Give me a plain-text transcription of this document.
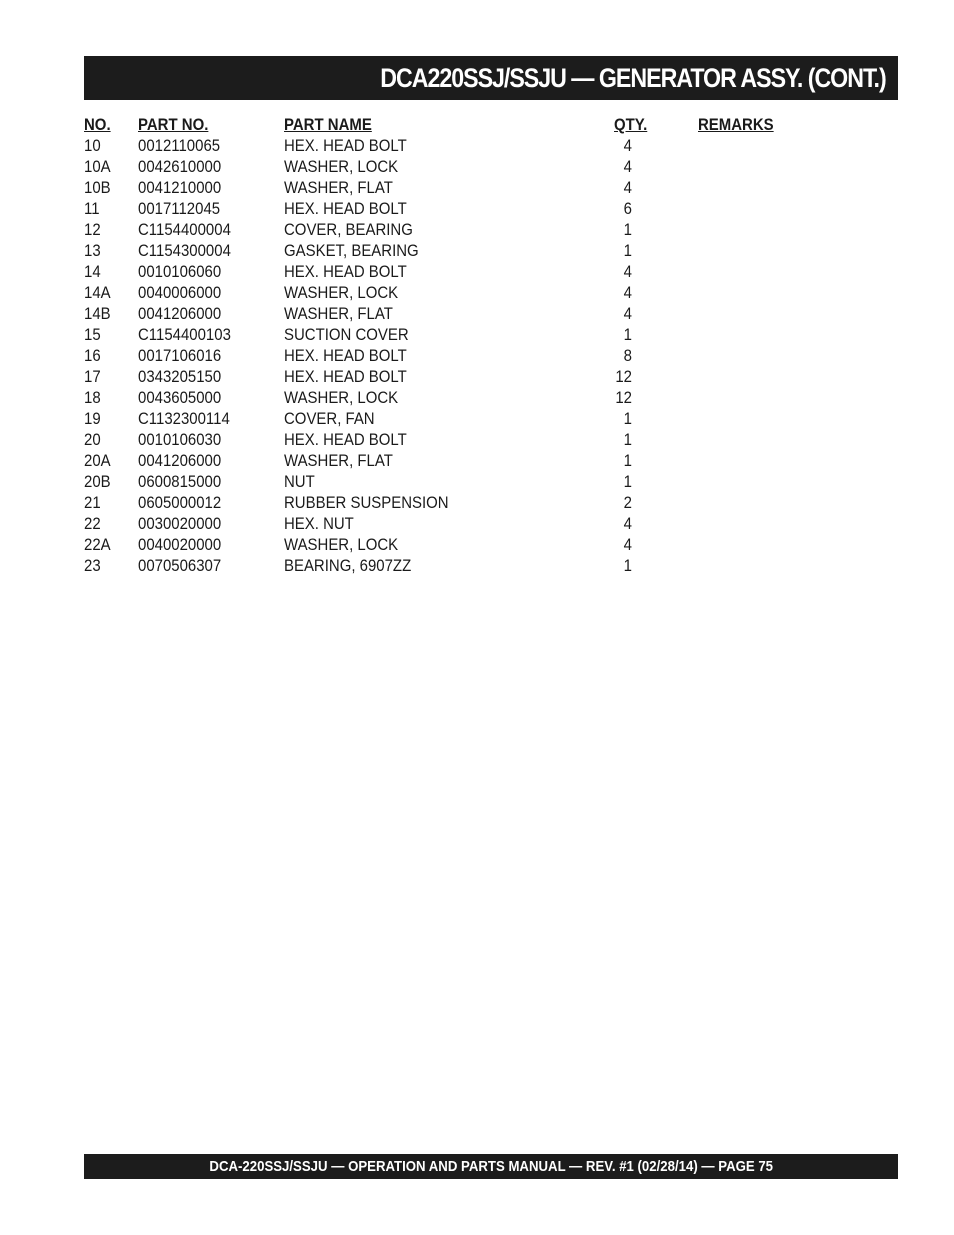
DCA220SSJ/SSJU — GENERATOR ASSY. (CONT.)
NO. PART NO.	PART NAME	QTY.	REMARKS
10 0012110065	HEX. HEAD BOLT	4
10A 0042610000	WASHER, LOCK	4
10B 0041210000	WASHER, FLAT	4
11 0017112045	HEX. HEAD BOLT	6
12 C1154400004	COVER, BEARING	1
13 C1154300004	GASKET, BEARING	1
14 0010106060	HEX. HEAD BOLT	4
14A 0040006000	WASHER, LOCK	4
14B 0041206000	WASHER, FLAT	4
15 C1154400103	SUCTION COVER	1
16 0017106016	HEX. HEAD BOLT	8
17 0343205150	HEX. HEAD BOLT	12
18 0043605000	WASHER, LOCK	12
19 C1132300114	COVER, FAN	1
20 0010106030	HEX. HEAD BOLT	1
20A 0041206000	WASHER, FLAT	1
20B 0600815000	NUT	1
21 0605000012	RUBBER SUSPENSION	2
22 0030020000	HEX. NUT	4
22A 0040020000	WASHER, LOCK	4
23 0070506307	BEARING, 6907ZZ	1
DCA-220SSJ/SSJU — OPERATION AND PARTS MANUAL — REV. #1 (02/28/14) — PAGE 75
